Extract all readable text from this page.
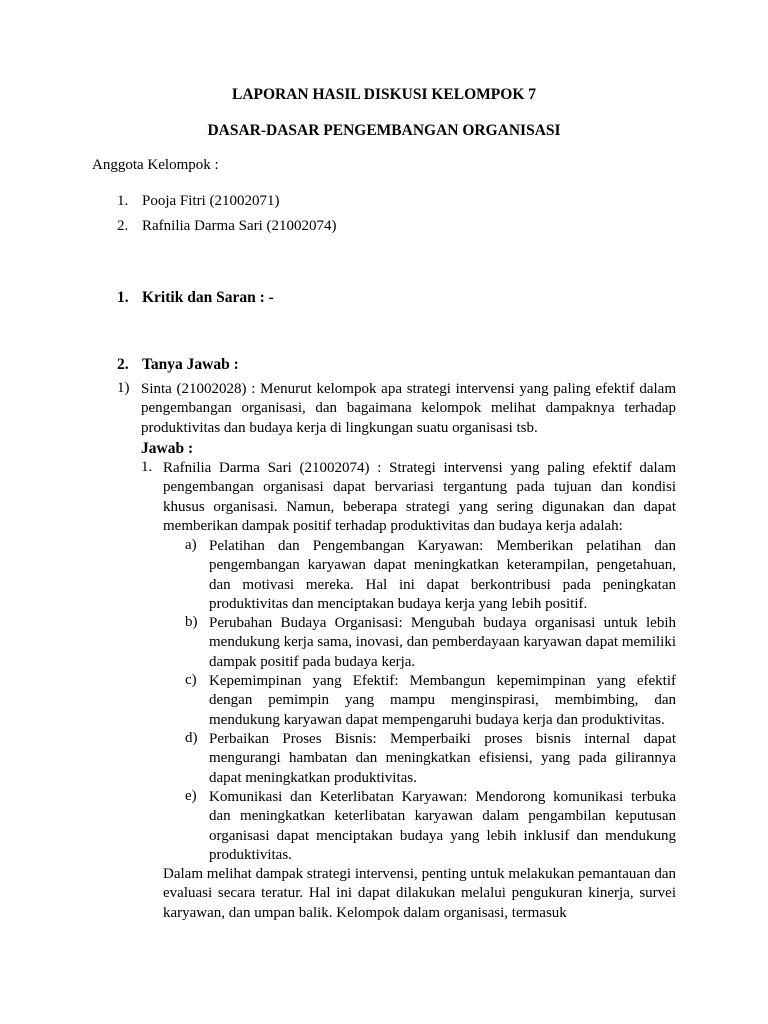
LAPORAN HASIL DISKUSI KELOMPOK 7
DASAR-DASAR PENGEMBANGAN ORGANISASI
Anggota Kelompok :
1. Pooja Fitri (21002071)
2. Rafnilia Darma Sari (21002074)
1. Kritik dan Saran : -
2. Tanya Jawab :
1) Sinta (21002028) : Menurut kelompok apa strategi intervensi yang paling efektif dalam pengembangan organisasi, dan bagaimana kelompok melihat dampaknya terhadap produktivitas dan budaya kerja di lingkungan suatu organisasi tsb.
Jawab :
1. Rafnilia Darma Sari (21002074) : Strategi intervensi yang paling efektif dalam pengembangan organisasi dapat bervariasi tergantung pada tujuan dan kondisi khusus organisasi. Namun, beberapa strategi yang sering digunakan dan dapat memberikan dampak positif terhadap produktivitas dan budaya kerja adalah:
a) Pelatihan dan Pengembangan Karyawan: Memberikan pelatihan dan pengembangan karyawan dapat meningkatkan keterampilan, pengetahuan, dan motivasi mereka. Hal ini dapat berkontribusi pada peningkatan produktivitas dan menciptakan budaya kerja yang lebih positif.
b) Perubahan Budaya Organisasi: Mengubah budaya organisasi untuk lebih mendukung kerja sama, inovasi, dan pemberdayaan karyawan dapat memiliki dampak positif pada budaya kerja.
c) Kepemimpinan yang Efektif: Membangun kepemimpinan yang efektif dengan pemimpin yang mampu menginspirasi, membimbing, dan mendukung karyawan dapat mempengaruhi budaya kerja dan produktivitas.
d) Perbaikan Proses Bisnis: Memperbaiki proses bisnis internal dapat mengurangi hambatan dan meningkatkan efisiensi, yang pada gilirannya dapat meningkatkan produktivitas.
e) Komunikasi dan Keterlibatan Karyawan: Mendorong komunikasi terbuka dan meningkatkan keterlibatan karyawan dalam pengambilan keputusan organisasi dapat menciptakan budaya yang lebih inklusif dan mendukung produktivitas.
Dalam melihat dampak strategi intervensi, penting untuk melakukan pemantauan dan evaluasi secara teratur. Hal ini dapat dilakukan melalui pengukuran kinerja, survei karyawan, dan umpan balik. Kelompok dalam organisasi, termasuk
